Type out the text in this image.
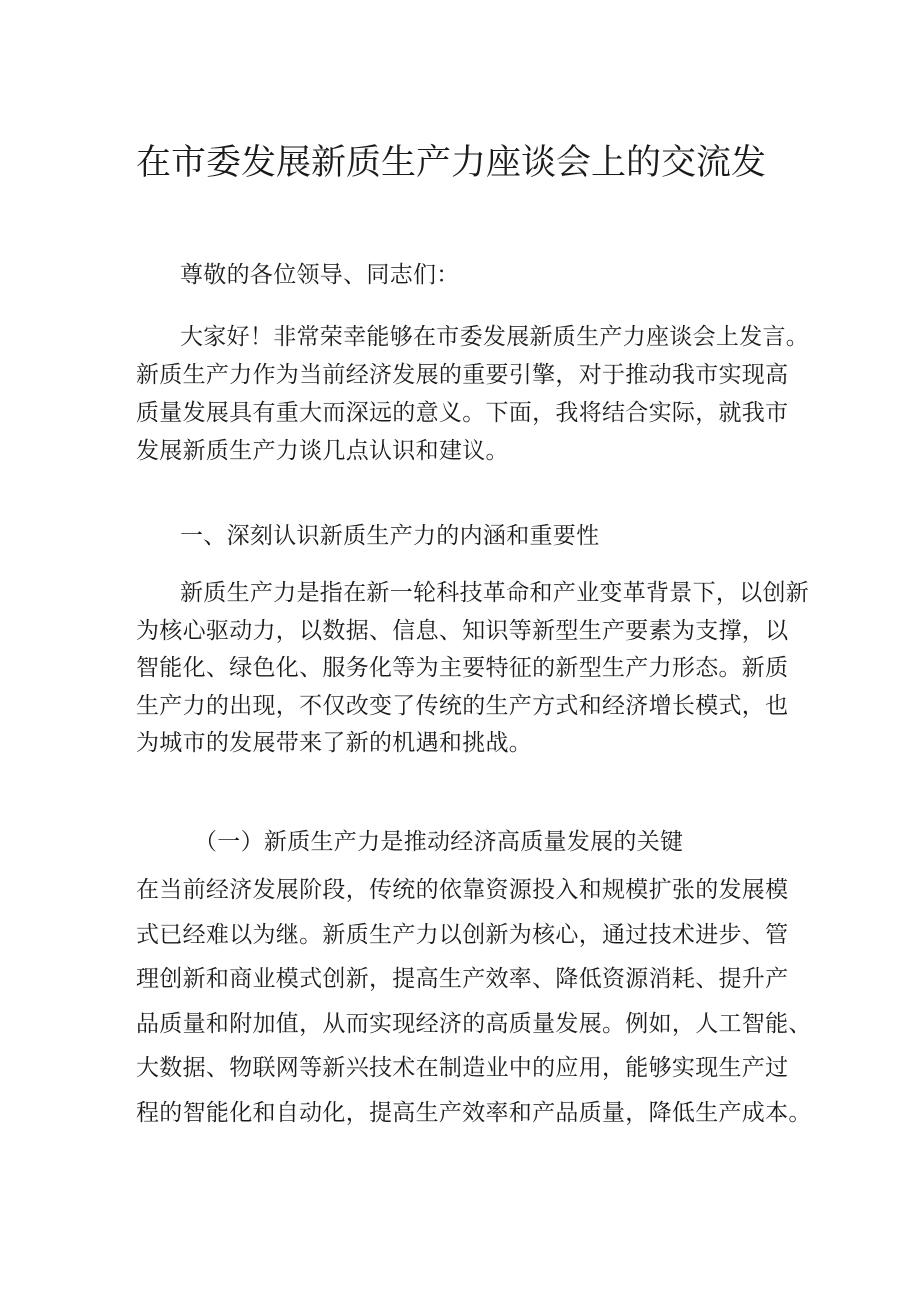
在市委发展新质生产力座谈会上的交流发
尊敬的各位领导、同志们：
大家好！非常荣幸能够在市委发展新质生产力座谈会上发言。
新质生产力作为当前经济发展的重要引擎，对于推动我市实现高
质量发展具有重大而深远的意义。下面，我将结合实际，就我市
发展新质生产力谈几点认识和建议。
一、深刻认识新质生产力的内涵和重要性
新质生产力是指在新一轮科技革命和产业变革背景下，以创新
为核心驱动力，以数据、信息、知识等新型生产要素为支撑，以
智能化、绿色化、服务化等为主要特征的新型生产力形态。新质
生产力的出现，不仅改变了传统的生产方式和经济增长模式，也
为城市的发展带来了新的机遇和挑战。
（一）新质生产力是推动经济高质量发展的关键
在当前经济发展阶段，传统的依靠资源投入和规模扩张的发展模
式已经难以为继。新质生产力以创新为核心，通过技术进步、管
理创新和商业模式创新，提高生产效率、降低资源消耗、提升产
品质量和附加值，从而实现经济的高质量发展。例如，人工智能、
大数据、物联网等新兴技术在制造业中的应用，能够实现生产过
程的智能化和自动化，提高生产效率和产品质量，降低生产成本。
